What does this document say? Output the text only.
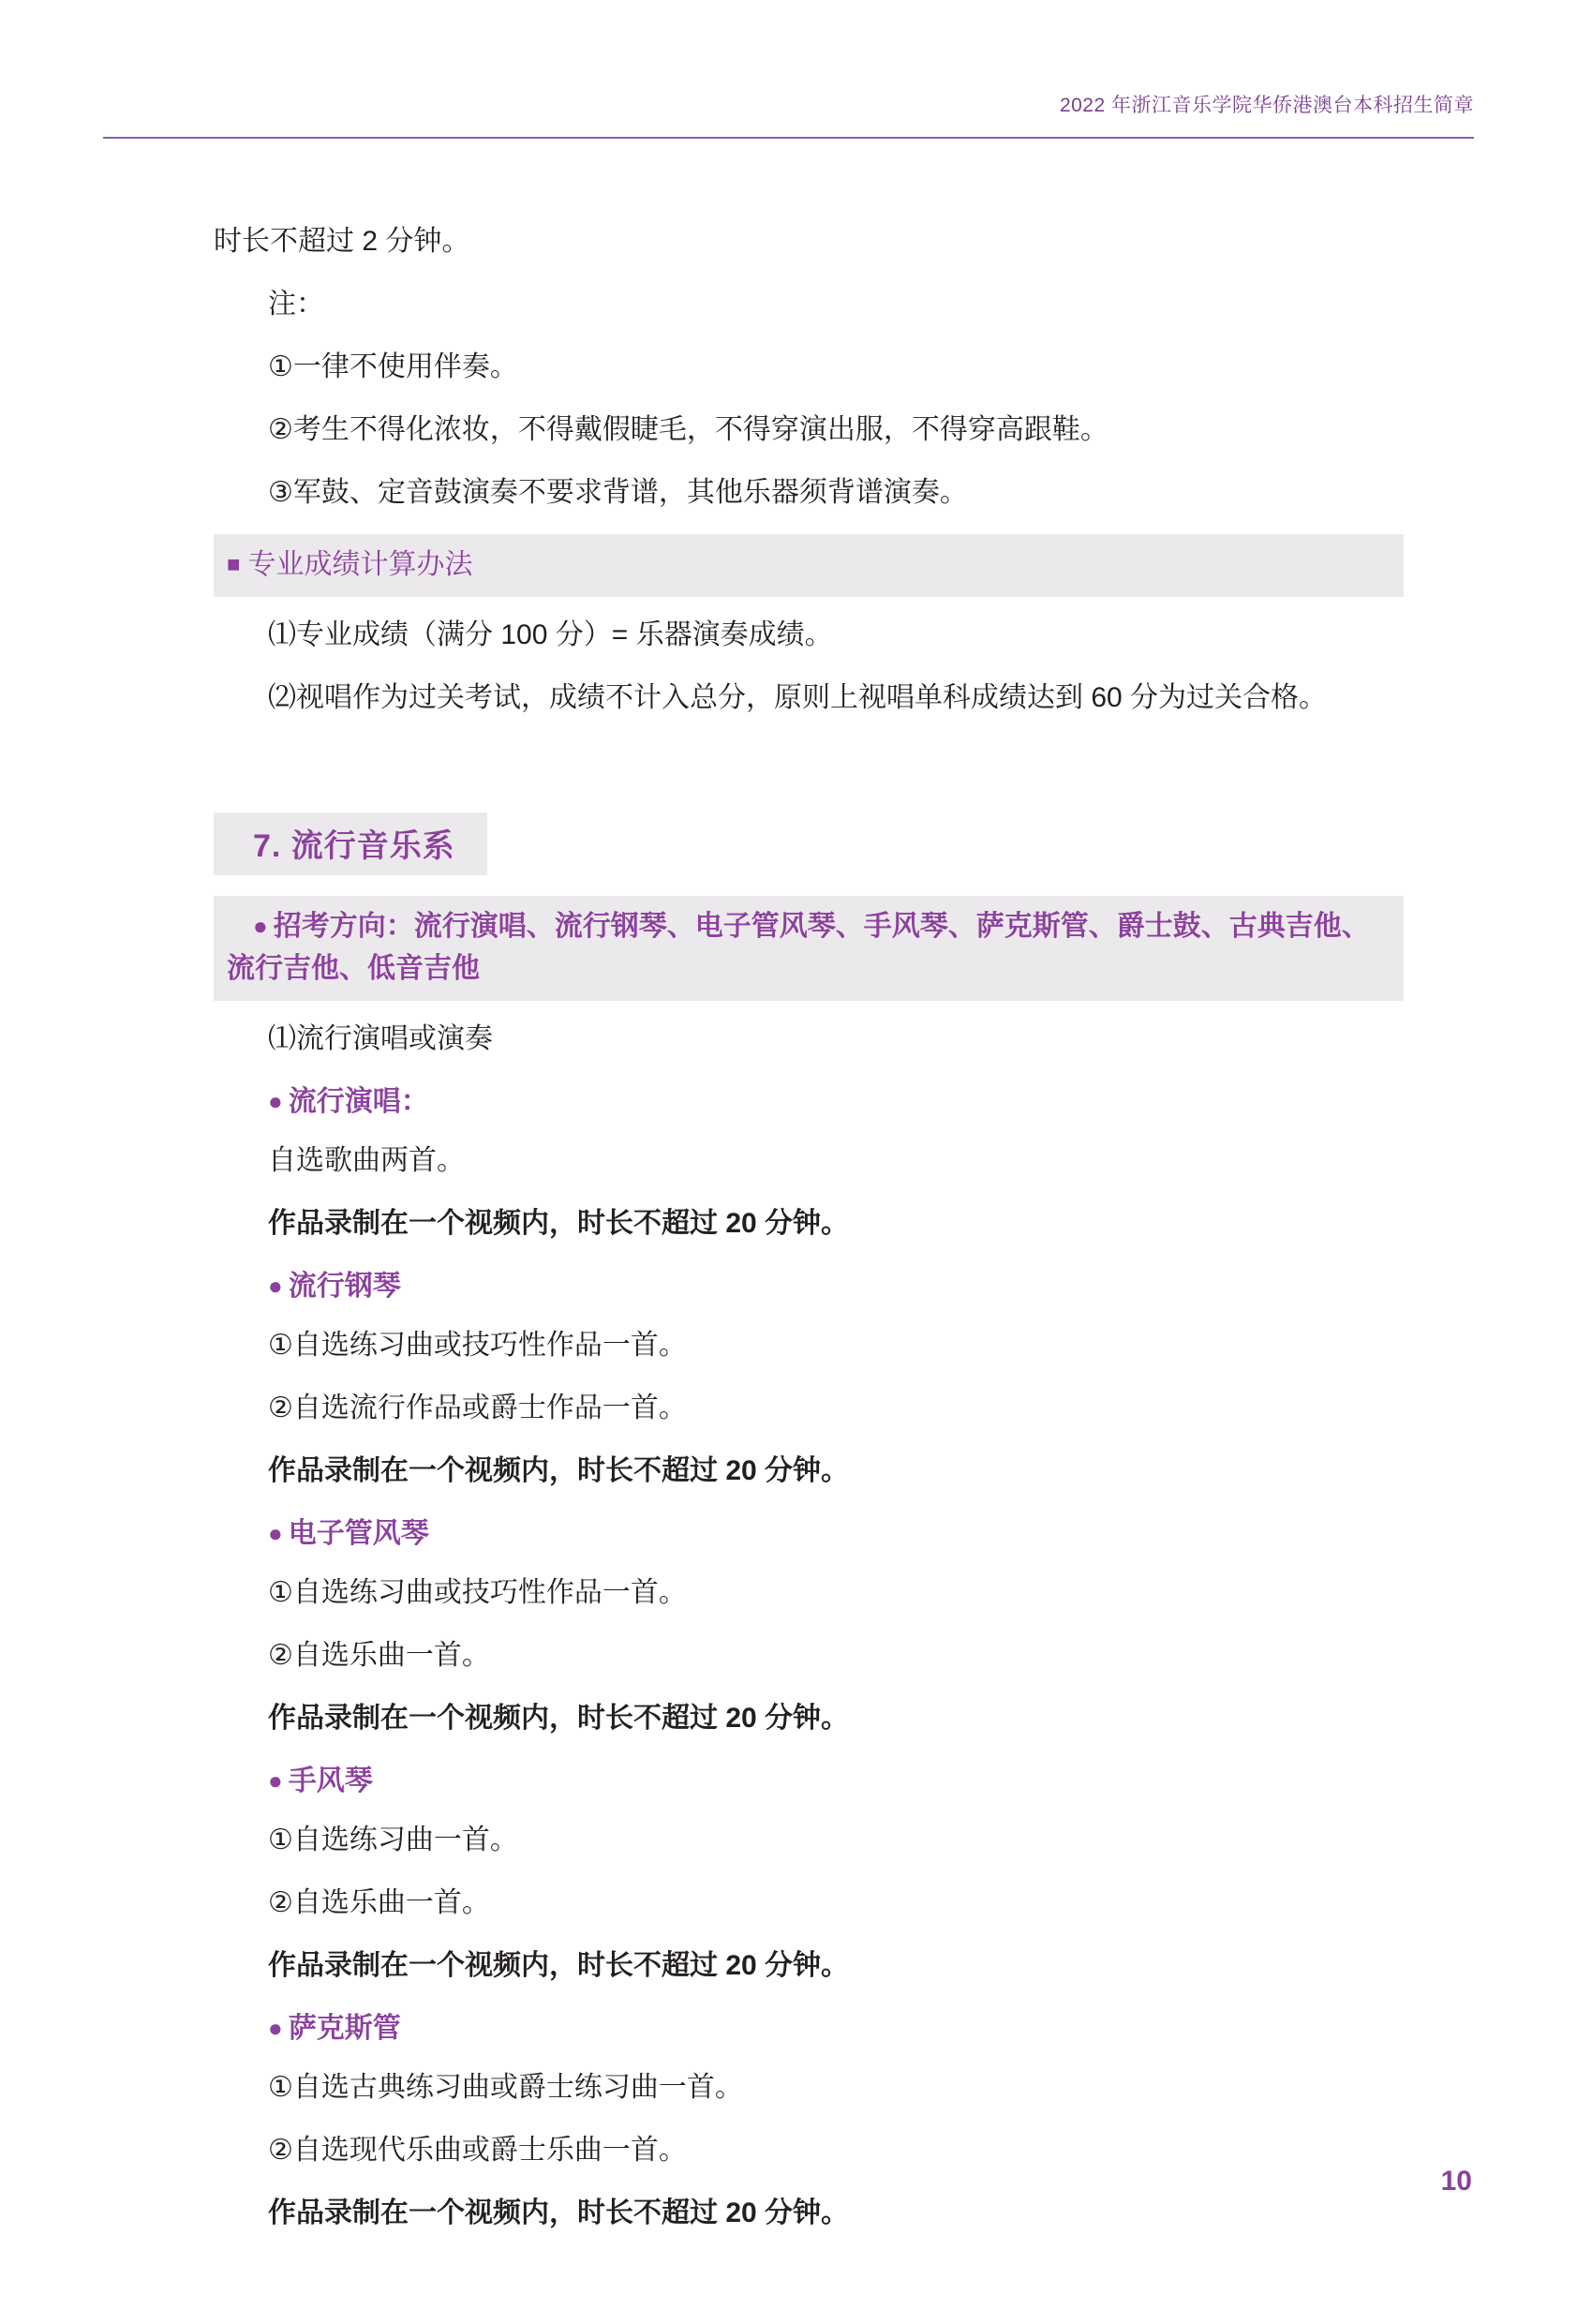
2022 年浙江音乐学院华侨港澳台本科招生简章

时长不超过 2 分钟。

注：

①一律不使用伴奏。

②考生不得化浓妆，不得戴假睫毛，不得穿演出服，不得穿高跟鞋。

③军鼓、定音鼓演奏不要求背谱，其他乐器须背谱演奏。

■ 专业成绩计算办法

⑴专业成绩（满分 100 分）= 乐器演奏成绩。

⑵视唱作为过关考试，成绩不计入总分，原则上视唱单科成绩达到 60 分为过关合格。

7. 流行音乐系
● 招考方向：流行演唱、流行钢琴、电子管风琴、手风琴、萨克斯管、爵士鼓、古典吉他、流行吉他、低音吉他

⑴流行演唱或演奏

● 流行演唱：

自选歌曲两首。

作品录制在一个视频内，时长不超过 20 分钟。

● 流行钢琴

①自选练习曲或技巧性作品一首。

②自选流行作品或爵士作品一首。

作品录制在一个视频内，时长不超过 20 分钟。

● 电子管风琴

①自选练习曲或技巧性作品一首。

②自选乐曲一首。

作品录制在一个视频内，时长不超过 20 分钟。

● 手风琴

①自选练习曲一首。

②自选乐曲一首。

作品录制在一个视频内，时长不超过 20 分钟。

● 萨克斯管

①自选古典练习曲或爵士练习曲一首。

②自选现代乐曲或爵士乐曲一首。

作品录制在一个视频内，时长不超过 20 分钟。

10
